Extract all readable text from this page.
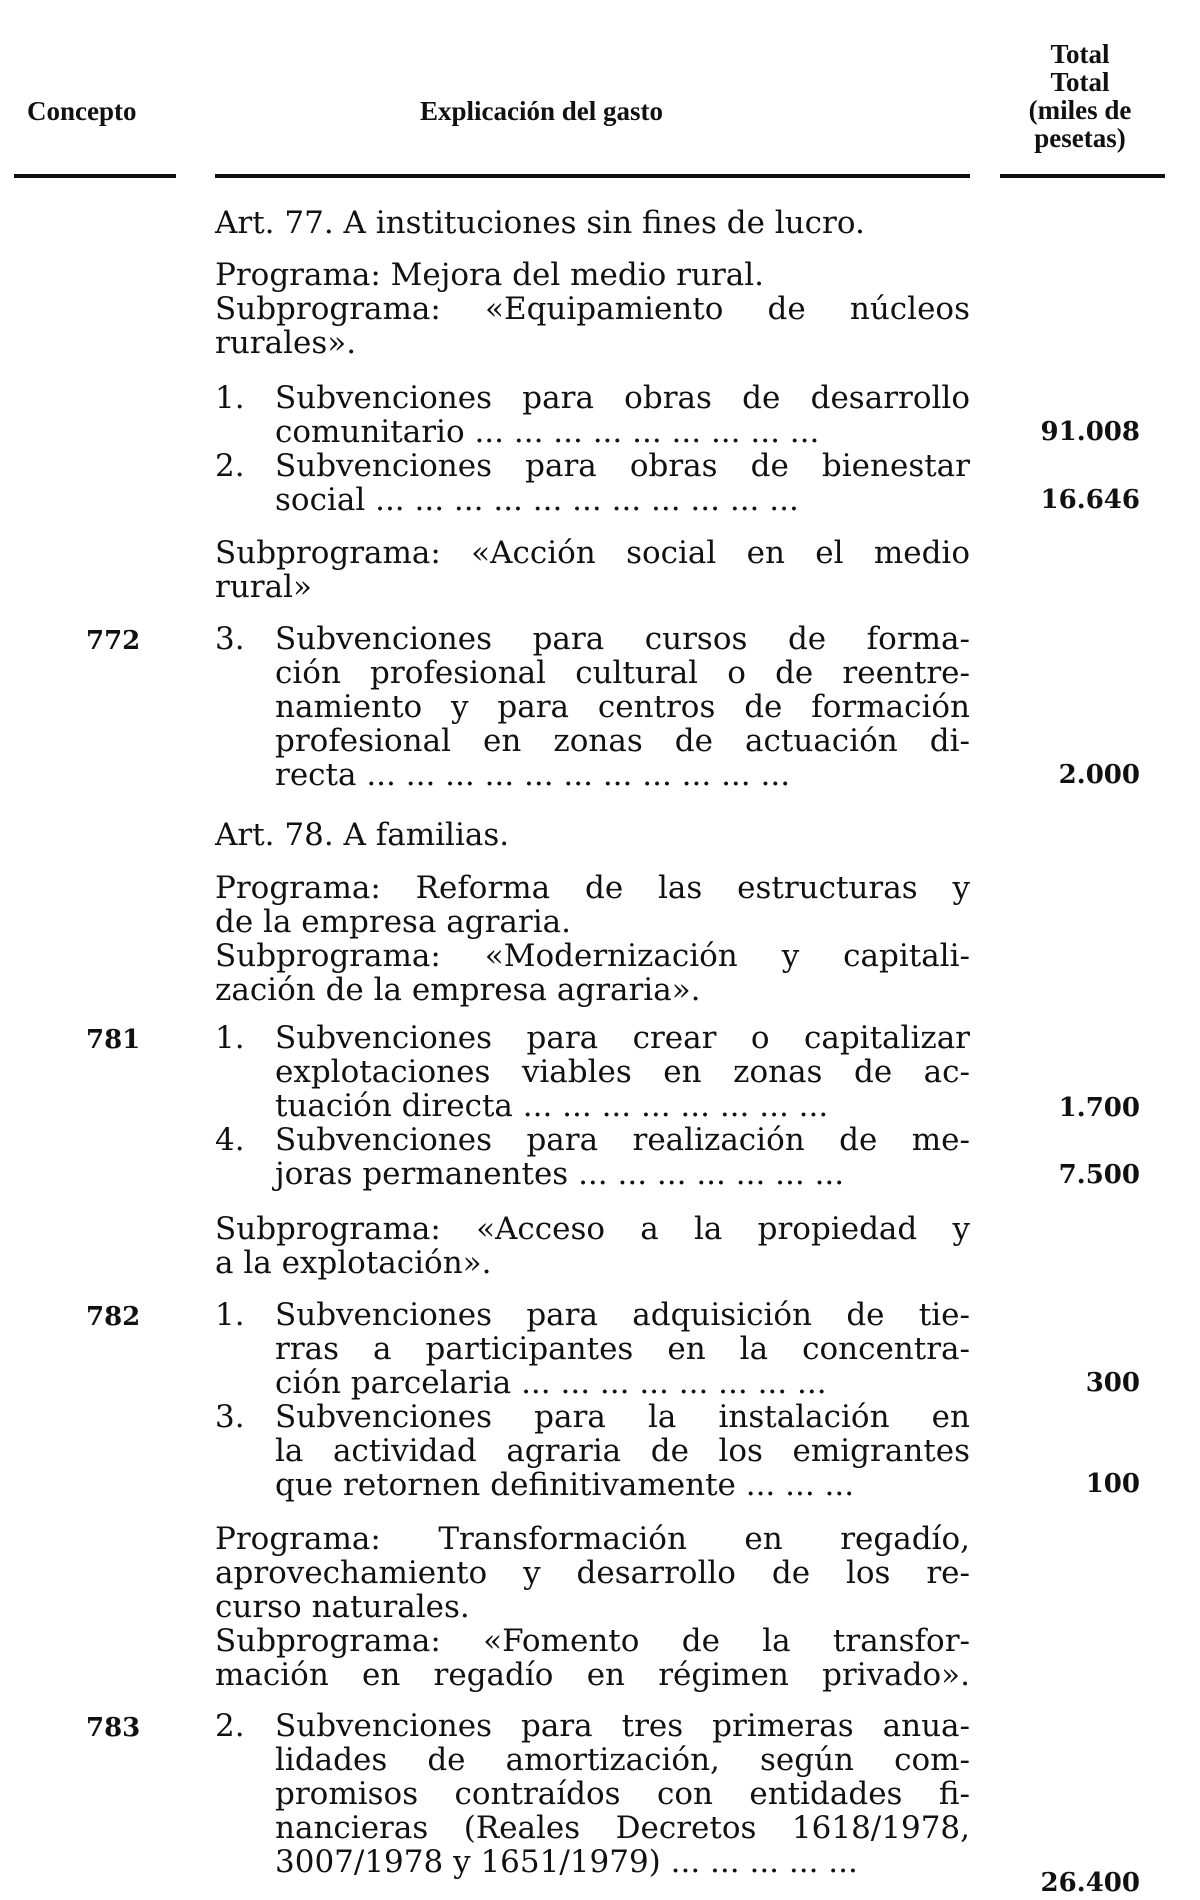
Concepto	Explicación del gasto
Total
Total
(miles de
pesetas)
772
781
782
783
91.008
16.646
2.000
1.700
7.500
300
100
26.400
Art. 77. A instituciones sin fines de lucro.
Programa: Mejora del medio rural.
Subprograma: «Equipamiento de núcleos
rurales».
1. Subvenciones para obras de desarrollo
comunitario ... ... ... ... ... ... ... ... ...
2. Subvenciones para obras de bienestar
social ... ... ... ... ... ... ... ... ... ... ...
Subprograma: «Acción social en el medio
rural»
3. Subvenciones para cursos de forma-
ción profesional cultural o de reentre-
namiento y para centros de formación
profesional en zonas de actuación di-
recta ... ... ... ... ... ... ... ... ... ... ...
Art. 78. A familias.
Programa: Reforma de las estructuras y
de la empresa agraria.
Subprograma: «Modernización y capitali-
zación de la empresa agraria».
1. Subvenciones para crear o capitalizar
explotaciones viables en zonas de ac-
tuación directa ... ... ... ... ... ... ... ...
4. Subvenciones para realización de me-
joras permanentes ... ... ... ... ... ... ...
Subprograma: «Acceso a la propiedad y
a la explotación».
1. Subvenciones para adquisición de tie-
rras a participantes en la concentra-
ción parcelaria ... ... ... ... ... ... ... ...
3. Subvenciones para la instalación en
la actividad agraria de los emigrantes
que retornen definitivamente ... ... ...
Programa: Transformación en regadío,
aprovechamiento y desarrollo de los re-
curso naturales.
Subprograma: «Fomento de la transfor-
mación en regadío en régimen privado».
2. Subvenciones para tres primeras anua-
lidades de amortización, según com-
promisos contraídos con entidades fi-
nancieras (Reales Decretos 1618/1978,
3007/1978 y 1651/1979) ... ... ... ... ...
